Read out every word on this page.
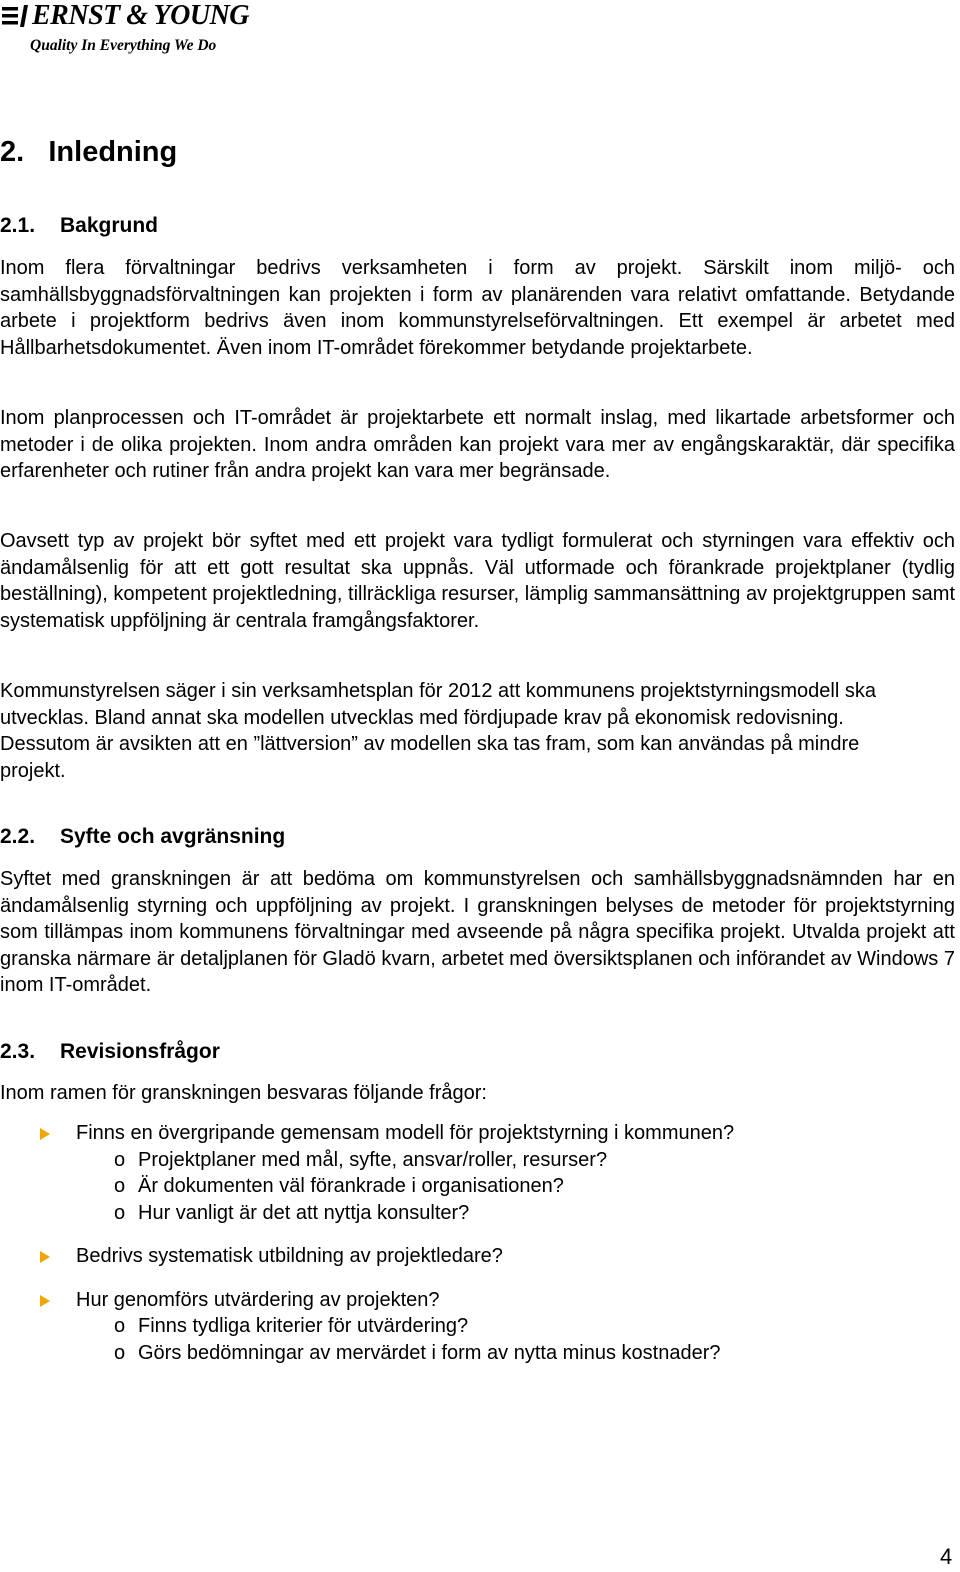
ERNST & YOUNG
Quality In Everything We Do
2. Inledning
2.1. Bakgrund

Inom flera förvaltningar bedrivs verksamheten i form av projekt. Särskilt inom miljö- och samhällsbyggnadsförvaltningen kan projekten i form av planärenden vara relativt omfattande. Betydande arbete i projektform bedrivs även inom kommunstyrelseförvaltningen. Ett exempel är arbetet med Hållbarhetsdokumentet. Även inom IT-området förekommer betydande projektarbete.

Inom planprocessen och IT-området är projektarbete ett normalt inslag, med likartade arbetsformer och metoder i de olika projekten. Inom andra områden kan projekt vara mer av engångskaraktär, där specifika erfarenheter och rutiner från andra projekt kan vara mer begränsade.

Oavsett typ av projekt bör syftet med ett projekt vara tydligt formulerat och styrningen vara effektiv och ändamålsenlig för att ett gott resultat ska uppnås. Väl utformade och förankrade projektplaner (tydlig beställning), kompetent projektledning, tillräckliga resurser, lämplig sammansättning av projektgruppen samt systematisk uppföljning är centrala framgångsfaktorer.

Kommunstyrelsen säger i sin verksamhetsplan för 2012 att kommunens projektstyrningsmodell ska utvecklas. Bland annat ska modellen utvecklas med fördjupade krav på ekonomisk redovisning. Dessutom är avsikten att en ”lättversion” av modellen ska tas fram, som kan användas på mindre projekt.

2.2. Syfte och avgränsning

Syftet med granskningen är att bedöma om kommunstyrelsen och samhällsbyggnadsnämnden har en ändamålsenlig styrning och uppföljning av projekt. I granskningen belyses de metoder för projektstyrning som tillämpas inom kommunens förvaltningar med avseende på några specifika projekt. Utvalda projekt att granska närmare är detaljplanen för Gladö kvarn, arbetet med översiktsplanen och införandet av Windows 7 inom IT-området.

2.3. Revisionsfrågor

Inom ramen för granskningen besvaras följande frågor:

Finns en övergripande gemensam modell för projektstyrning i kommunen?
o Projektplaner med mål, syfte, ansvar/roller, resurser?
o Är dokumenten väl förankrade i organisationen?
o Hur vanligt är det att nyttja konsulter?
Bedrivs systematisk utbildning av projektledare?
Hur genomförs utvärdering av projekten?
o Finns tydliga kriterier för utvärdering?
o Görs bedömningar av mervärdet i form av nytta minus kostnader?
4
